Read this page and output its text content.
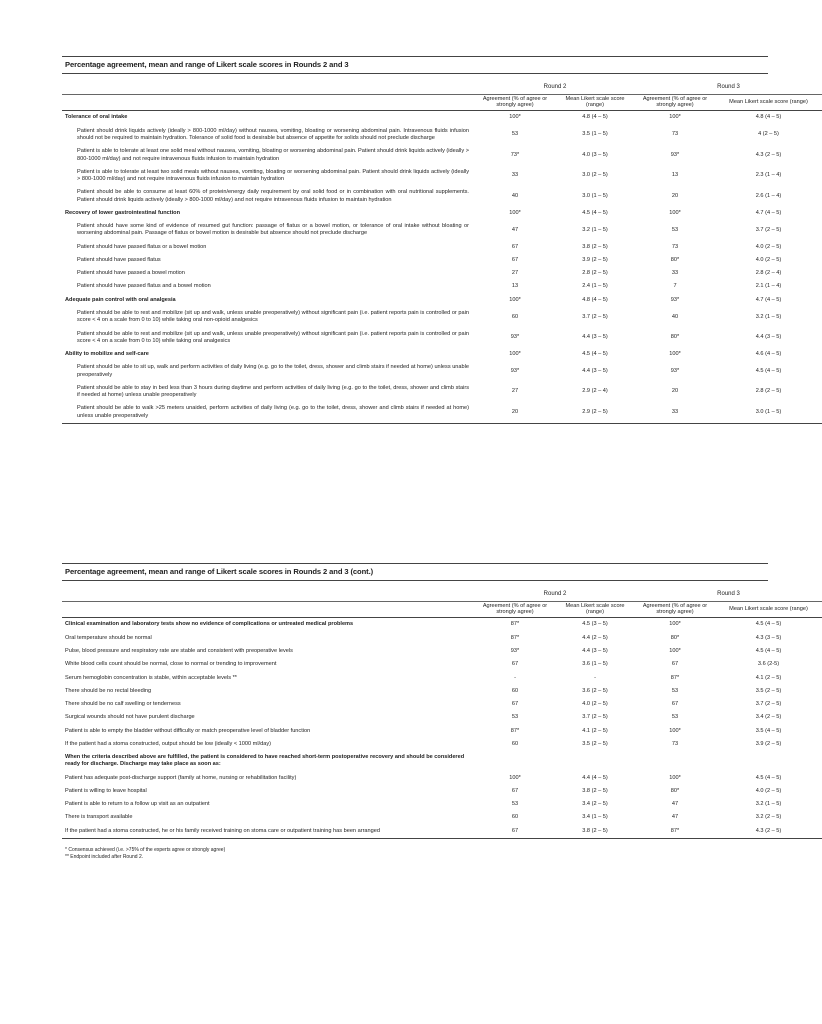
Percentage agreement, mean and range of Likert scale scores in Rounds 2 and 3
	Round 2		Round 3	
	Agreement (% of agree or strongly agree)	Mean Likert scale score (range)	Agreement (% of agree or strongly agree)	Mean Likert scale score (range)
Tolerance of oral intake	100*	4.8 (4 – 5)	100*	4.8 (4 – 5)
Patient should drink liquids actively (ideally > 800-1000 ml/day) without nausea, vomiting, bloating or worsening abdominal pain. Intravenous fluids infusion should not be required to maintain hydration. Tolerance of solid food is desirable but absence of appetite for solids should not preclude discharge	53	3.5 (1 – 5)	73	4 (2 – 5)
Patient is able to tolerate at least one solid meal without nausea, vomiting, bloating or worsening abdominal pain. Patient should drink liquids actively (ideally > 800-1000 ml/day) and not require intravenous fluids infusion to maintain hydration	73*	4.0 (3 – 5)	93*	4.3 (2 – 5)
Patient is able to tolerate at least two solid meals without nausea, vomiting, bloating or worsening abdominal pain. Patient should drink liquids actively (ideally > 800-1000 ml/day) and not require intravenous fluids infusion to maintain hydration	33	3.0 (2 – 5)	13	2.3 (1 – 4)
Patient should be able to consume at least 60% of protein/energy daily requirement by oral solid food or in combination with oral nutritional supplements. Patient should drink liquids actively (ideally > 800-1000 ml/day) and not require intravenous fluids infusion to maintain hydration	40	3.0 (1 – 5)	20	2.6 (1 – 4)
Recovery of lower gastrointestinal function	100*	4.5 (4 – 5)	100*	4.7 (4 – 5)
Patient should have some kind of evidence of resumed gut function: passage of flatus or a bowel motion, or tolerance of oral intake without bloating or worsening abdominal pain. Passage of flatus or bowel motion is desirable but absence should not preclude discharge	47	3.2 (1 – 5)	53	3.7 (2 – 5)
Patient should have passed flatus or a bowel motion	67	3.8 (2 – 5)	73	4.0 (2 – 5)
Patient should have passed flatus	67	3.9 (2 – 5)	80*	4.0 (2 – 5)
Patient should have passed a bowel motion	27	2.8 (2 – 5)	33	2.8 (2 – 4)
Patient should have passed flatus and a bowel motion	13	2.4 (1 – 5)	7	2.1 (1 – 4)
Adequate pain control with oral analgesia	100*	4.8 (4 – 5)	93*	4.7 (4 – 5)
Patient should be able to rest and mobilize (sit up and walk, unless unable preoperatively) without significant pain (i.e. patient reports pain is controlled or pain score < 4 on a scale from 0 to 10) while taking oral non-opioid analgesics	60	3.7 (2 – 5)	40	3.2 (1 – 5)
Patient should be able to rest and mobilize (sit up and walk, unless unable preoperatively) without significant pain (i.e. patient reports pain is controlled or pain score < 4 on a scale from 0 to 10) while taking oral analgesics	93*	4.4 (3 – 5)	80*	4.4 (3 – 5)
Ability to mobilize and self-care	100*	4.5 (4 – 5)	100*	4.6 (4 – 5)
Patient should be able to sit up, walk and perform activities of daily living (e.g. go to the toilet, dress, shower and climb stairs if needed at home) unless unable preoperatively	93*	4.4 (3 – 5)	93*	4.5 (4 – 5)
Patient should be able to stay in bed less than 3 hours during daytime and perform activities of daily living (e.g. go to the toilet, dress, shower and climb stairs if needed at home) unless unable preoperatively	27	2.9 (2 – 4)	20	2.8 (2 – 5)
Patient should be able to walk >25 meters unaided, perform activities of daily living (e.g. go to the toilet, dress, shower and climb stairs if needed at home) unless unable preoperatively	20	2.9 (2 – 5)	33	3.0 (1 – 5)
Percentage agreement, mean and range of Likert scale scores in Rounds 2 and 3 (cont.)
	Round 2		Round 3	
	Agreement (% of agree or strongly agree)	Mean Likert scale score (range)	Agreement (% of agree or strongly agree)	Mean Likert scale score (range)
Clinical examination and laboratory tests show no evidence of complications or untreated medical problems	87*	4.5 (3 – 5)	100*	4.5 (4 – 5)
Oral temperature should be normal	87*	4.4 (2 – 5)	80*	4.3 (3 – 5)
Pulse, blood pressure and respiratory rate are stable and consistent with preoperative levels	93*	4.4 (3 – 5)	100*	4.5 (4 – 5)
White blood cells count should be normal, close to normal or trending to improvement	67	3.6 (1 – 5)	67	3.6 (2-5)
Serum hemoglobin concentration is stable, within acceptable levels **	-	-	87*	4.1 (2 – 5)
There should be no rectal bleeding	60	3.6 (2 – 5)	53	3.5 (2 – 5)
There should be no calf swelling or tenderness	67	4.0 (2 – 5)	67	3.7 (2 – 5)
Surgical wounds should not have purulent discharge	53	3.7 (2 – 5)	53	3.4 (2 – 5)
Patient is able to empty the bladder without difficulty or match preoperative level of bladder function	87*	4.1 (2 – 5)	100*	3.5 (4 – 5)
If the patient had a stoma constructed, output should be low (ideally < 1000 ml/day)	60	3.5 (2 – 5)	73	3.9 (2 – 5)
When the criteria described above are fulfilled, the patient is considered to have reached short-term postoperative recovery and should be considered ready for discharge. Discharge may take place as soon as:				
Patient has adequate post-discharge support (family at home, nursing or rehabilitation facility)	100*	4.4 (4 – 5)	100*	4.5 (4 – 5)
Patient is willing to leave hospital	67	3.8 (2 – 5)	80*	4.0 (2 – 5)
Patient is able to return to a follow up visit as an outpatient	53	3.4 (2 – 5)	47	3.2 (1 – 5)
There is transport available	60	3.4 (1 – 5)	47	3.2 (2 – 5)
If the patient had a stoma constructed, he or his family received training on stoma care or outpatient training has been arranged	67	3.8 (2 – 5)	87*	4.3 (2 – 5)
* Consensus achieved (i.e. >75% of the experts agree or strongly agree)
** Endpoint included after Round 2.
